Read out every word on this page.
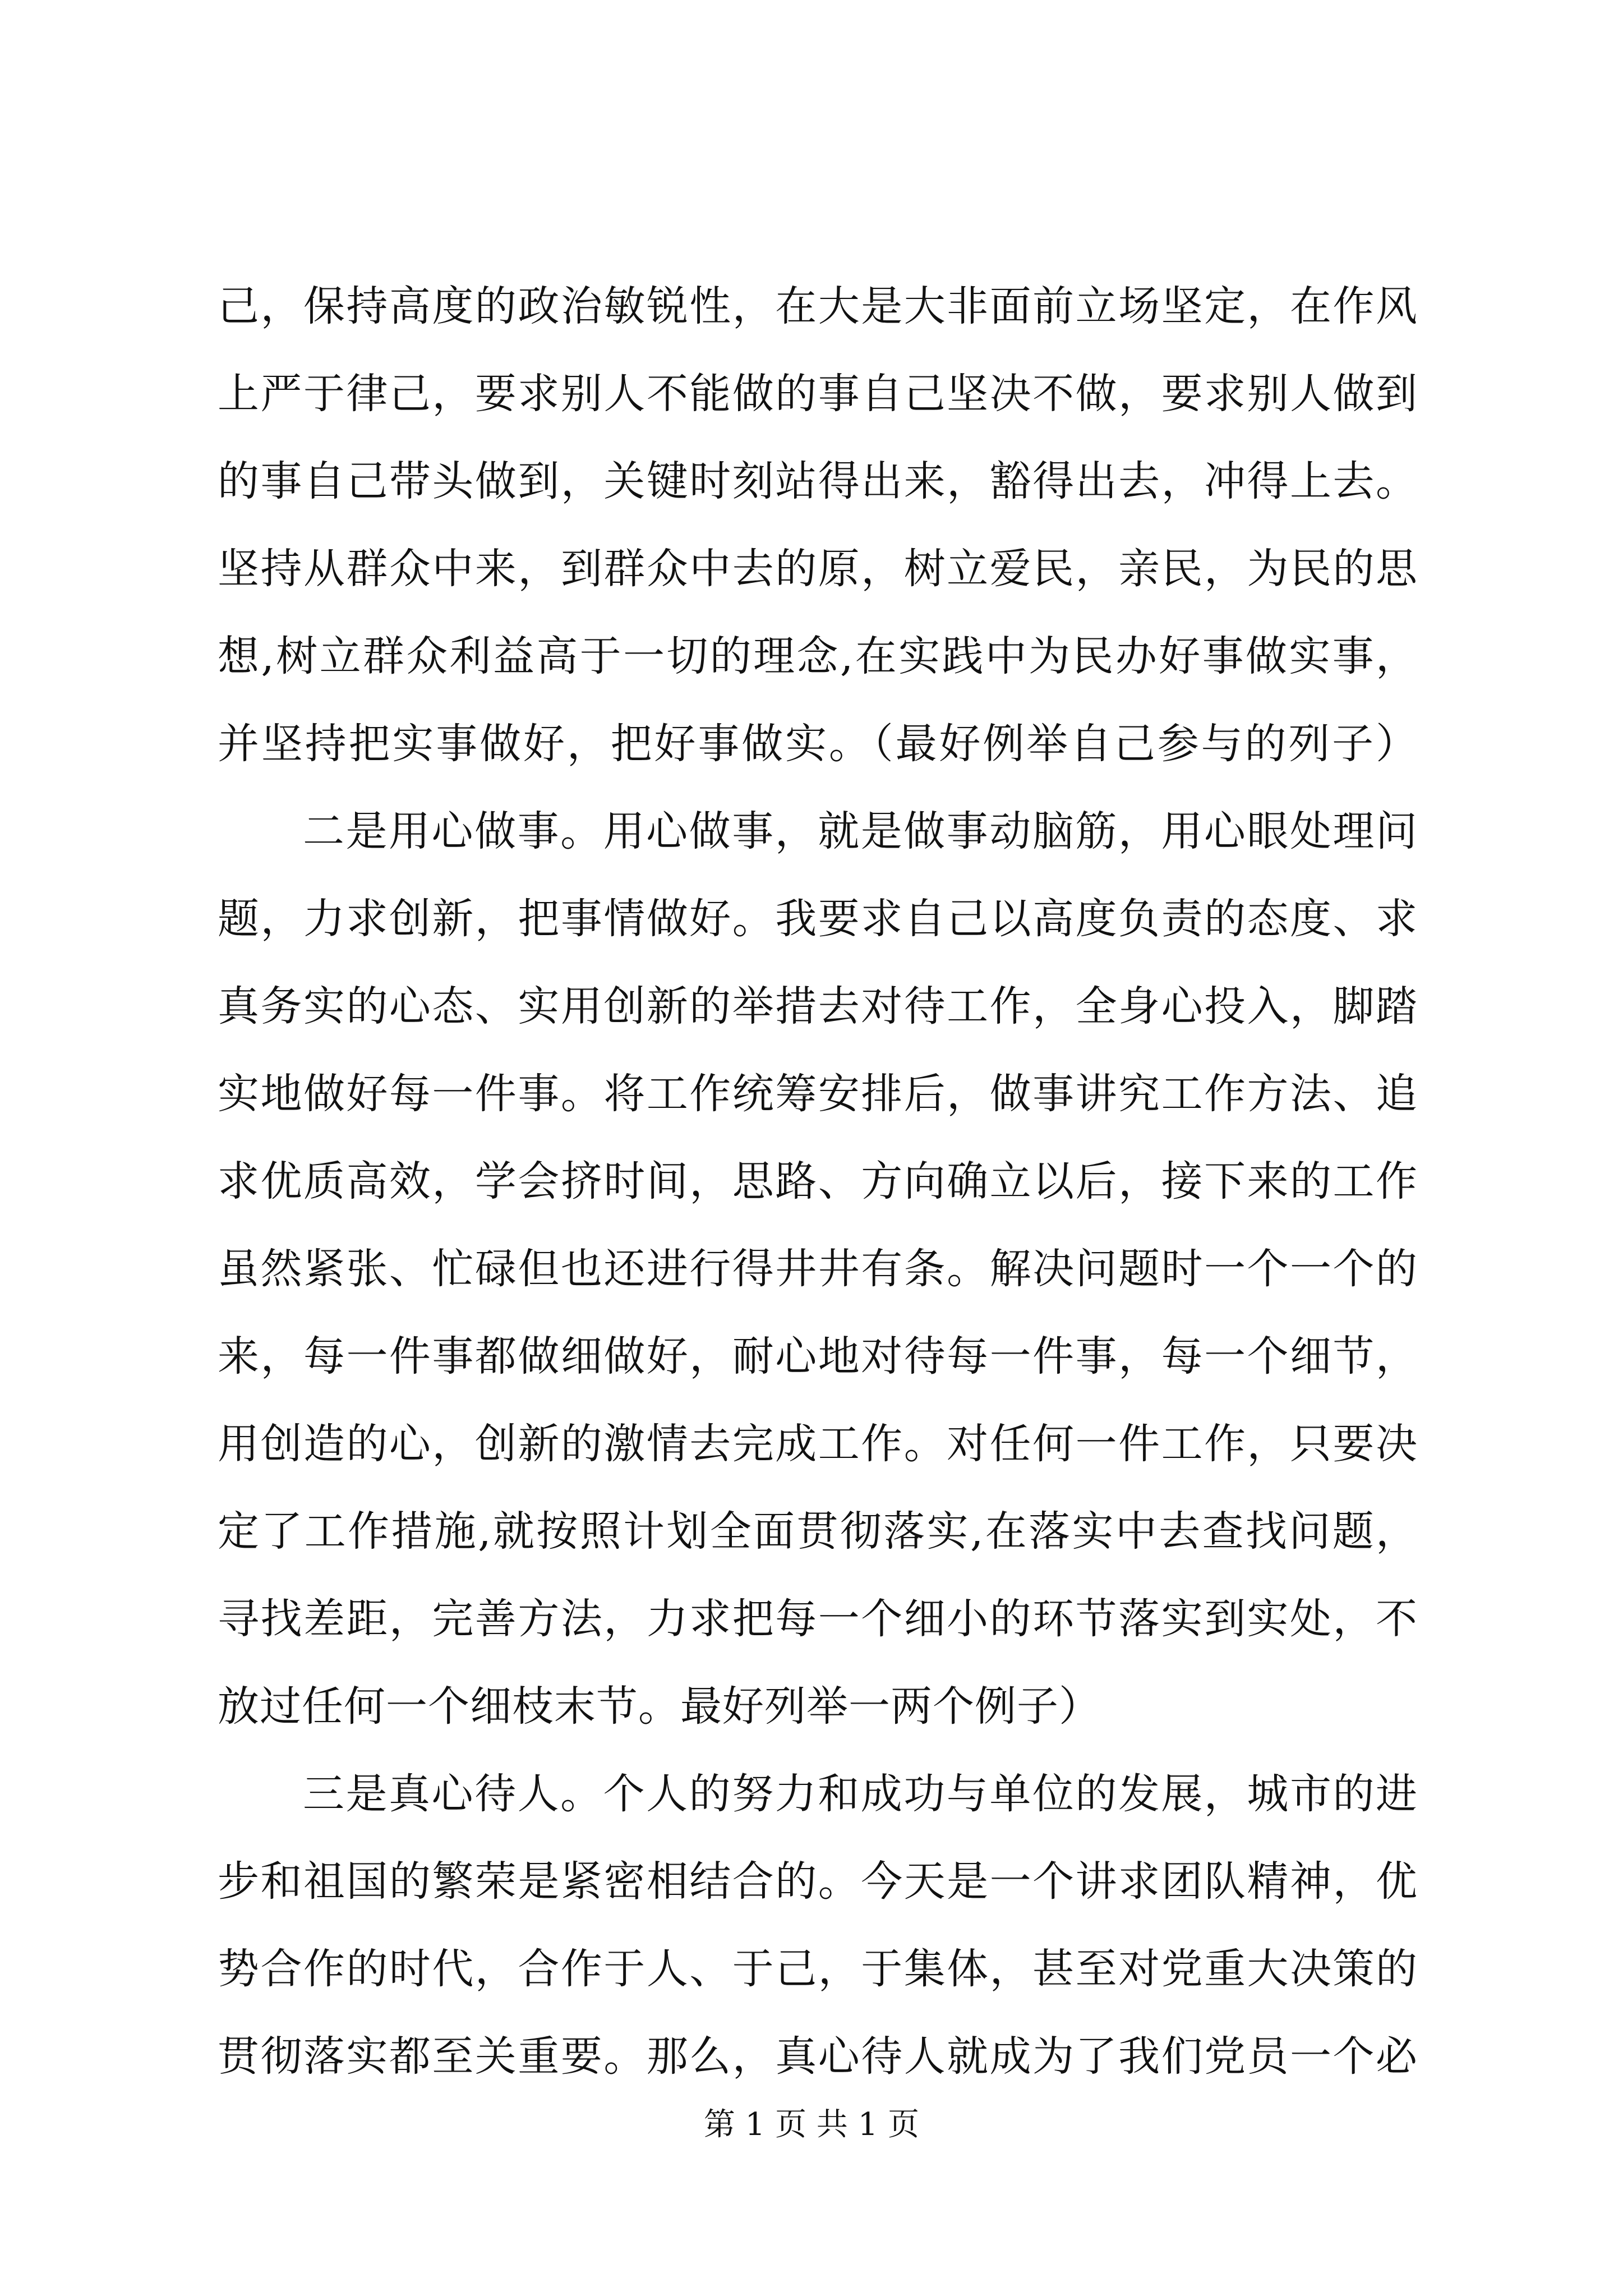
己，保持高度的政治敏锐性，在大是大非面前立场坚定，在作风
上严于律己，要求别人不能做的事自己坚决不做，要求别人做到
的事自己带头做到，关键时刻站得出来，豁得出去，冲得上去。
坚持从群众中来，到群众中去的原，树立爱民，亲民，为民的思
想,树立群众利益高于一切的理念,在实践中为民办好事做实事，
并坚持把实事做好，把好事做实。（最好例举自己参与的列子）
二是用心做事。用心做事，就是做事动脑筋，用心眼处理问
题，力求创新，把事情做好。我要求自己以高度负责的态度、求
真务实的心态、实用创新的举措去对待工作，全身心投入，脚踏
实地做好每一件事。将工作统筹安排后，做事讲究工作方法、追
求优质高效，学会挤时间，思路、方向确立以后，接下来的工作
虽然紧张、忙碌但也还进行得井井有条。解决问题时一个一个的
来，每一件事都做细做好，耐心地对待每一件事，每一个细节，
用创造的心，创新的激情去完成工作。对任何一件工作，只要决
定了工作措施,就按照计划全面贯彻落实,在落实中去查找问题，
寻找差距，完善方法，力求把每一个细小的环节落实到实处，不
放过任何一个细枝末节。最好列举一两个例子）
三是真心待人。个人的努力和成功与单位的发展，城市的进
步和祖国的繁荣是紧密相结合的。今天是一个讲求团队精神，优
势合作的时代，合作于人、于己，于集体，甚至对党重大决策的
贯彻落实都至关重要。那么，真心待人就成为了我们党员一个必
第 1 页 共 1 页
